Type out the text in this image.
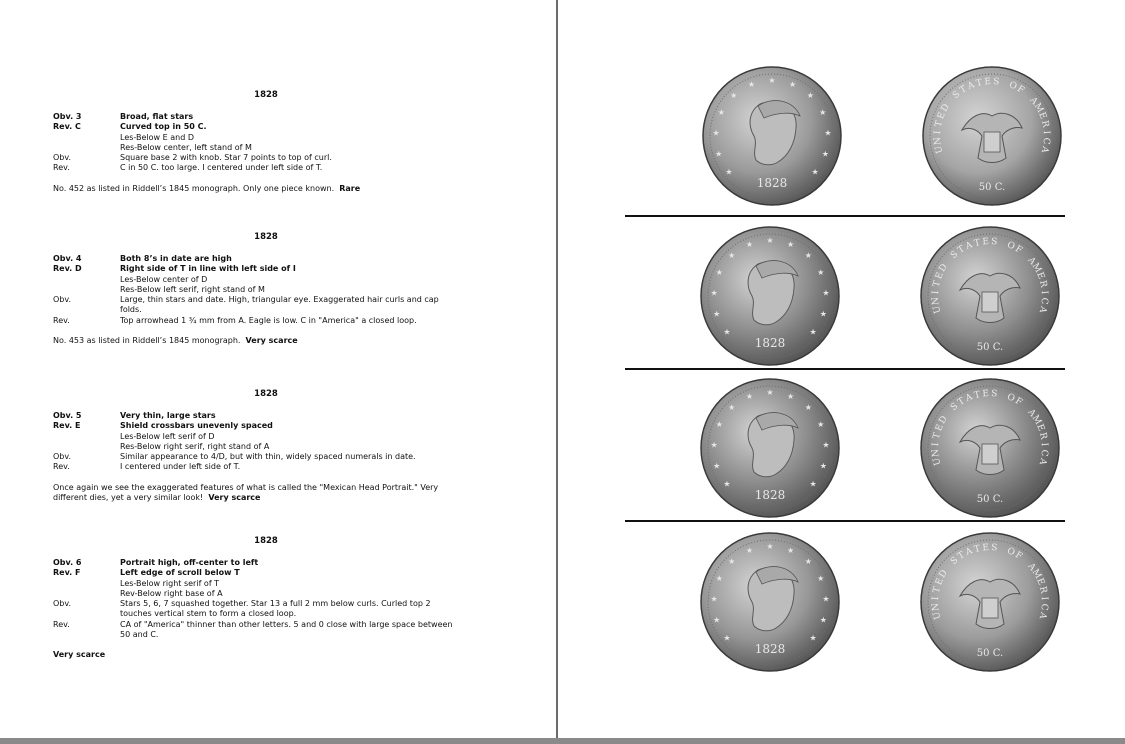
1828
Obv. 3	Broad, flat stars
Rev. C	Curved top in 50 C.
Les-Below E and D
Res-Below center, left stand of M
Obv.	Square base 2 with knob. Star 7 points to top of curl.
Rev.	C in 50 C. too large. I centered under left side of T.
No. 452 as listed in Riddell’s 1845 monograph. Only one piece known. Rare
1828
Obv. 4	Both 8’s in date are high
Rev. D	Right side of T in line with left side of I
Les-Below center of D
Res-Below left serif, right stand of M
Obv.	Large, thin stars and date. High, triangular eye. Exaggerated hair curls and cap folds.
Rev.	Top arrowhead 1 ¾ mm from A. Eagle is low. C in "America" a closed loop.
No. 453 as listed in Riddell’s 1845 monograph. Very scarce
1828
Obv. 5	Very thin, large stars
Rev. E	Shield crossbars unevenly spaced
Les-Below left serif of D
Res-Below right serif, right stand of A
Obv.	Similar appearance to 4/D, but with thin, widely spaced numerals in date.
Rev.	I centered under left side of T.
Once again we see the exaggerated features of what is called the "Mexican Head Portrait." Very different dies, yet a very similar look! Very scarce
1828
Obv. 6	Portrait high, off-center to left
Rev. F	Left edge of scroll below T
Les-Below right serif of T
Rev-Below right base of A
Obv.	Stars 5, 6, 7 squashed together. Star 13 a full 2 mm below curls. Curled top 2 touches vertical stem to form a closed loop.
Rev.	CA of "America" thinner than other letters. 5 and 0 close with large space between 50 and C.
Very scarce
★
★
★
★
★
★ ★ ★
★
★
★
★
★
1828
U
N
I
T
E
D
S
T
A T E S O
F
A
M
E
R
I
C
A
50 C.
★
★
★
★
★
★ ★ ★
★
★
★
★
★
1828
U
N
I
T
E
D
S
T
A T E S O
F
A
M
E
R
I
C
A
50 C.
★
★
★
★
★
★ ★ ★
★
★
★
★
★
1828
U
N
I
T
E
D
S
T
A T E S O
F
A
M
E
R
I
C
A
50 C.
★
★
★
★
★
★ ★ ★
★
★
★
★
★
1828
U
N
I
T
E
D
S
T
A T E S O
F
A
M
E
R
I
C
A
50 C.
